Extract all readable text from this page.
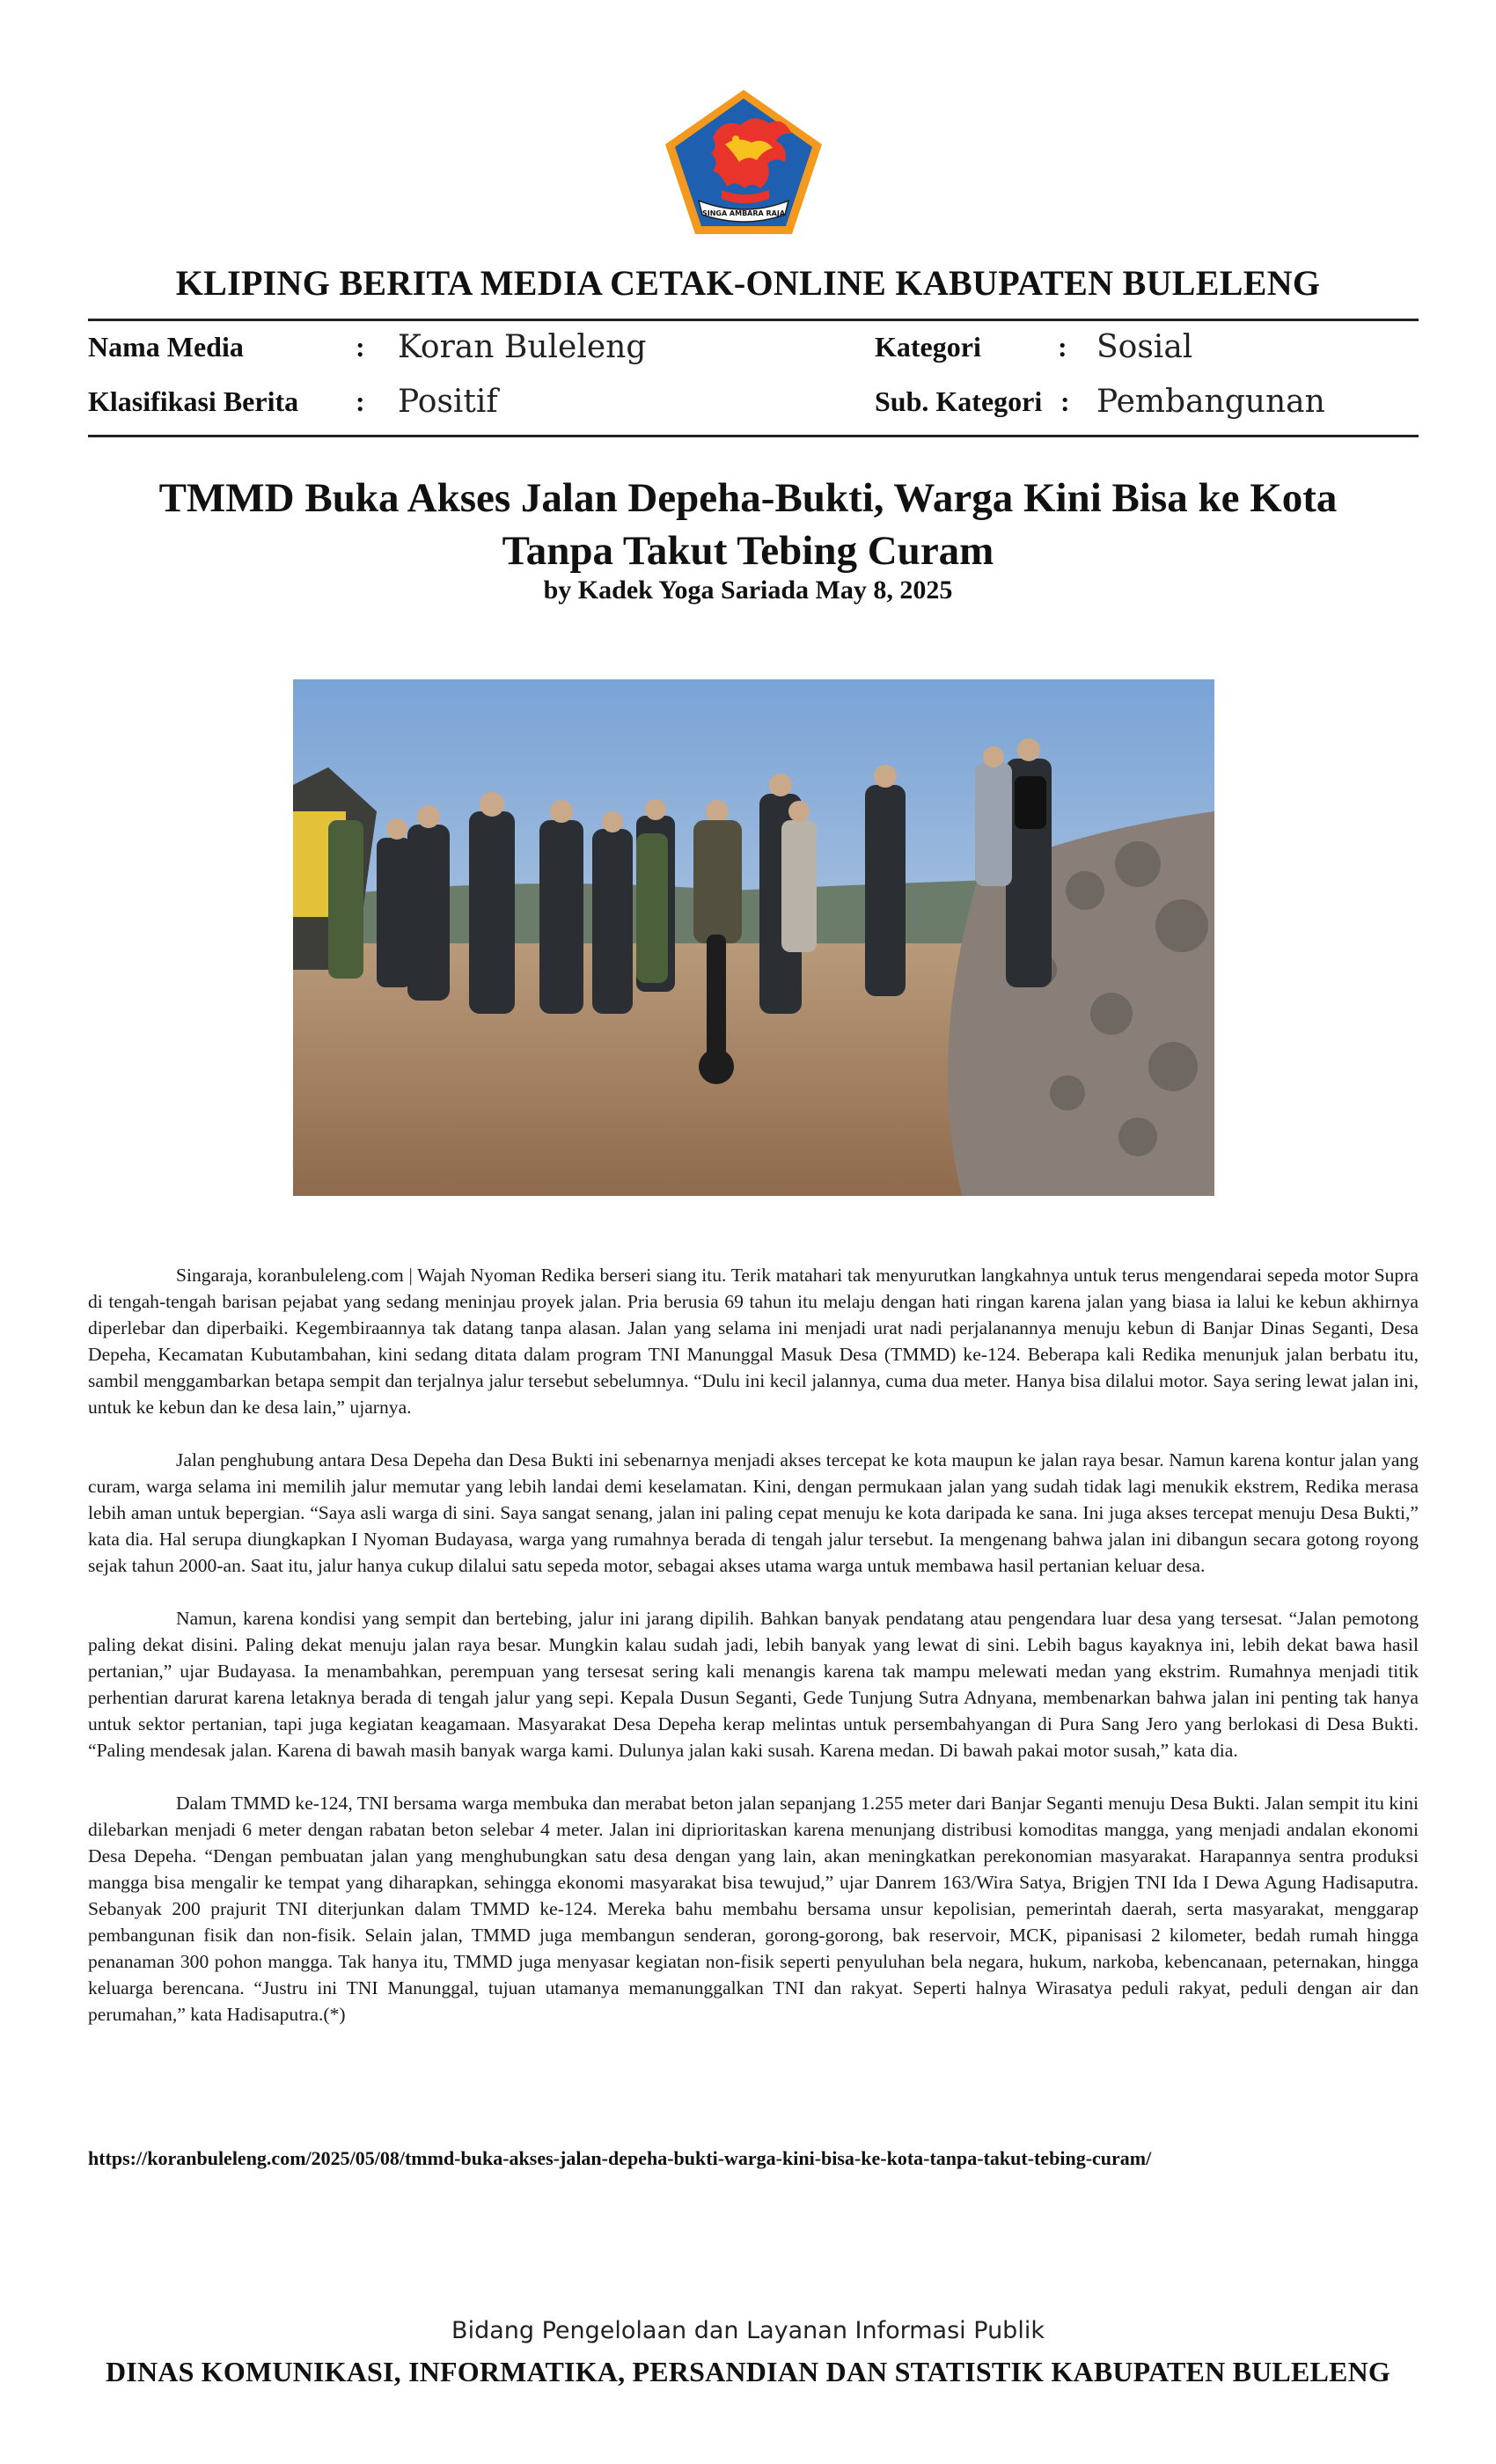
SINGA AMBARA RAJA
KLIPING BERITA MEDIA CETAK-ONLINE KABUPATEN BULELENG
Nama Media	: Koran Buleleng
Klasifikasi Berita : Positif
Kategori	: Sosial
Sub. Kategori : Pembangunan
TMMD Buka Akses Jalan Depeha-Bukti, Warga Kini Bisa ke Kota
Tanpa Takut Tebing Curam
by Kadek Yoga Sariada May 8, 2025

Singaraja, koranbuleleng.com | Wajah Nyoman Redika berseri siang itu. Terik matahari tak menyurutkan langkahnya untuk terus mengendarai sepeda motor Supra di tengah-tengah barisan pejabat yang sedang meninjau proyek jalan. Pria berusia 69 tahun itu melaju dengan hati ringan karena jalan yang biasa ia lalui ke kebun akhirnya diperlebar dan diperbaiki. Kegembiraannya tak datang tanpa alasan. Jalan yang selama ini menjadi urat nadi perjalanannya menuju kebun di Banjar Dinas Seganti, Desa Depeha, Kecamatan Kubutambahan, kini sedang ditata dalam program TNI Manunggal Masuk Desa (TMMD) ke-124. Beberapa kali Redika menunjuk jalan berbatu itu, sambil menggambarkan betapa sempit dan terjalnya jalur tersebut sebelumnya. “Dulu ini kecil jalannya, cuma dua meter. Hanya bisa dilalui motor. Saya sering lewat jalan ini, untuk ke kebun dan ke desa lain,” ujarnya.

Jalan penghubung antara Desa Depeha dan Desa Bukti ini sebenarnya menjadi akses tercepat ke kota maupun ke jalan raya besar. Namun karena kontur jalan yang curam, warga selama ini memilih jalur memutar yang lebih landai demi keselamatan. Kini, dengan permukaan jalan yang sudah tidak lagi menukik ekstrem, Redika merasa lebih aman untuk bepergian. “Saya asli warga di sini. Saya sangat senang, jalan ini paling cepat menuju ke kota daripada ke sana. Ini juga akses tercepat menuju Desa Bukti,” kata dia. Hal serupa diungkapkan I Nyoman Budayasa, warga yang rumahnya berada di tengah jalur tersebut. Ia mengenang bahwa jalan ini dibangun secara gotong royong sejak tahun 2000-an. Saat itu, jalur hanya cukup dilalui satu sepeda motor, sebagai akses utama warga untuk membawa hasil pertanian keluar desa.

Namun, karena kondisi yang sempit dan bertebing, jalur ini jarang dipilih. Bahkan banyak pendatang atau pengendara luar desa yang tersesat. “Jalan pemotong paling dekat disini. Paling dekat menuju jalan raya besar. Mungkin kalau sudah jadi, lebih banyak yang lewat di sini. Lebih bagus kayaknya ini, lebih dekat bawa hasil pertanian,” ujar Budayasa. Ia menambahkan, perempuan yang tersesat sering kali menangis karena tak mampu melewati medan yang ekstrim. Rumahnya menjadi titik perhentian darurat karena letaknya berada di tengah jalur yang sepi. Kepala Dusun Seganti, Gede Tunjung Sutra Adnyana, membenarkan bahwa jalan ini penting tak hanya untuk sektor pertanian, tapi juga kegiatan keagamaan. Masyarakat Desa Depeha kerap melintas untuk persembahyangan di Pura Sang Jero yang berlokasi di Desa Bukti. “Paling mendesak jalan. Karena di bawah masih banyak warga kami. Dulunya jalan kaki susah. Karena medan. Di bawah pakai motor susah,” kata dia.

Dalam TMMD ke-124, TNI bersama warga membuka dan merabat beton jalan sepanjang 1.255 meter dari Banjar Seganti menuju Desa Bukti. Jalan sempit itu kini dilebarkan menjadi 6 meter dengan rabatan beton selebar 4 meter. Jalan ini diprioritaskan karena menunjang distribusi komoditas mangga, yang menjadi andalan ekonomi Desa Depeha. “Dengan pembuatan jalan yang menghubungkan satu desa dengan yang lain, akan meningkatkan perekonomian masyarakat. Harapannya sentra produksi mangga bisa mengalir ke tempat yang diharapkan, sehingga ekonomi masyarakat bisa tewujud,” ujar Danrem 163/Wira Satya, Brigjen TNI Ida I Dewa Agung Hadisaputra. Sebanyak 200 prajurit TNI diterjunkan dalam TMMD ke-124. Mereka bahu membahu bersama unsur kepolisian, pemerintah daerah, serta masyarakat, menggarap pembangunan fisik dan non-fisik. Selain jalan, TMMD juga membangun senderan, gorong-gorong, bak reservoir, MCK, pipanisasi 2 kilometer, bedah rumah hingga penanaman 300 pohon mangga. Tak hanya itu, TMMD juga menyasar kegiatan non-fisik seperti penyuluhan bela negara, hukum, narkoba, kebencanaan, peternakan, hingga keluarga berencana. “Justru ini TNI Manunggal, tujuan utamanya memanunggalkan TNI dan rakyat. Seperti halnya Wirasatya peduli rakyat, peduli dengan air dan perumahan,” kata Hadisaputra.(*)

https://koranbuleleng.com/2025/05/08/tmmd-buka-akses-jalan-depeha-bukti-warga-kini-bisa-ke-kota-tanpa-takut-tebing-curam/
Bidang Pengelolaan dan Layanan Informasi Publik
DINAS KOMUNIKASI, INFORMATIKA, PERSANDIAN DAN STATISTIK KABUPATEN BULELENG
